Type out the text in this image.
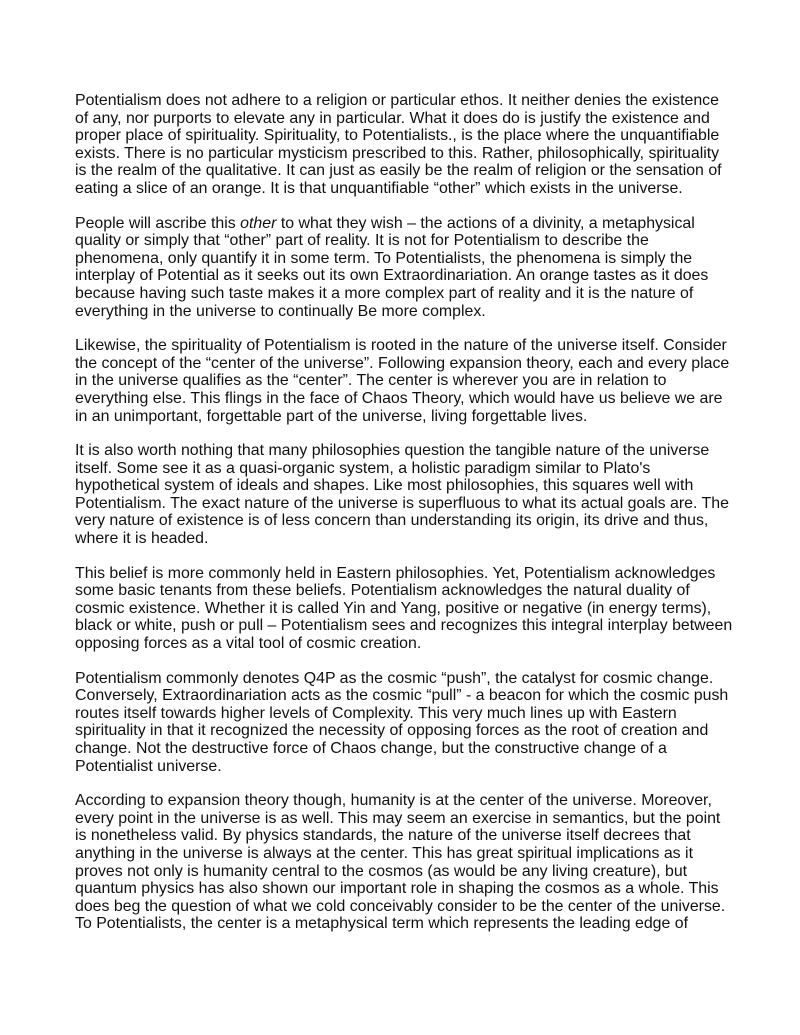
Potentialism does not adhere to a religion or particular ethos. It neither denies the existence
of any, nor purports to elevate any in particular. What it does do is justify the existence and
proper place of spirituality. Spirituality, to Potentialists., is the place where the unquantifiable
exists. There is no particular mysticism prescribed to this. Rather, philosophically, spirituality
is the realm of the qualitative. It can just as easily be the realm of religion or the sensation of
eating a slice of an orange. It is that unquantifiable “other” which exists in the universe.

People will ascribe this other to what they wish – the actions of a divinity, a metaphysical
quality or simply that “other” part of reality. It is not for Potentialism to describe the
phenomena, only quantify it in some term. To Potentialists, the phenomena is simply the
interplay of Potential as it seeks out its own Extraordinariation. An orange tastes as it does
because having such taste makes it a more complex part of reality and it is the nature of
everything in the universe to continually Be more complex.

Likewise, the spirituality of Potentialism is rooted in the nature of the universe itself. Consider
the concept of the “center of the universe”. Following expansion theory, each and every place
in the universe qualifies as the “center”. The center is wherever you are in relation to
everything else. This flings in the face of Chaos Theory, which would have us believe we are
in an unimportant, forgettable part of the universe, living forgettable lives.

It is also worth nothing that many philosophies question the tangible nature of the universe
itself. Some see it as a quasi-organic system, a holistic paradigm similar to Plato's
hypothetical system of ideals and shapes. Like most philosophies, this squares well with
Potentialism. The exact nature of the universe is superfluous to what its actual goals are. The
very nature of existence is of less concern than understanding its origin, its drive and thus,
where it is headed.

This belief is more commonly held in Eastern philosophies. Yet, Potentialism acknowledges
some basic tenants from these beliefs. Potentialism acknowledges the natural duality of
cosmic existence. Whether it is called Yin and Yang, positive or negative (in energy terms),
black or white, push or pull – Potentialism sees and recognizes this integral interplay between
opposing forces as a vital tool of cosmic creation.

Potentialism commonly denotes Q4P as the cosmic “push”, the catalyst for cosmic change.
Conversely, Extraordinariation acts as the cosmic “pull” - a beacon for which the cosmic push
routes itself towards higher levels of Complexity. This very much lines up with Eastern
spirituality in that it recognized the necessity of opposing forces as the root of creation and
change. Not the destructive force of Chaos change, but the constructive change of a
Potentialist universe.

According to expansion theory though, humanity is at the center of the universe. Moreover,
every point in the universe is as well. This may seem an exercise in semantics, but the point
is nonetheless valid. By physics standards, the nature of the universe itself decrees that
anything in the universe is always at the center. This has great spiritual implications as it
proves not only is humanity central to the cosmos (as would be any living creature), but
quantum physics has also shown our important role in shaping the cosmos as a whole. This
does beg the question of what we cold conceivably consider to be the center of the universe.
To Potentialists, the center is a metaphysical term which represents the leading edge of
